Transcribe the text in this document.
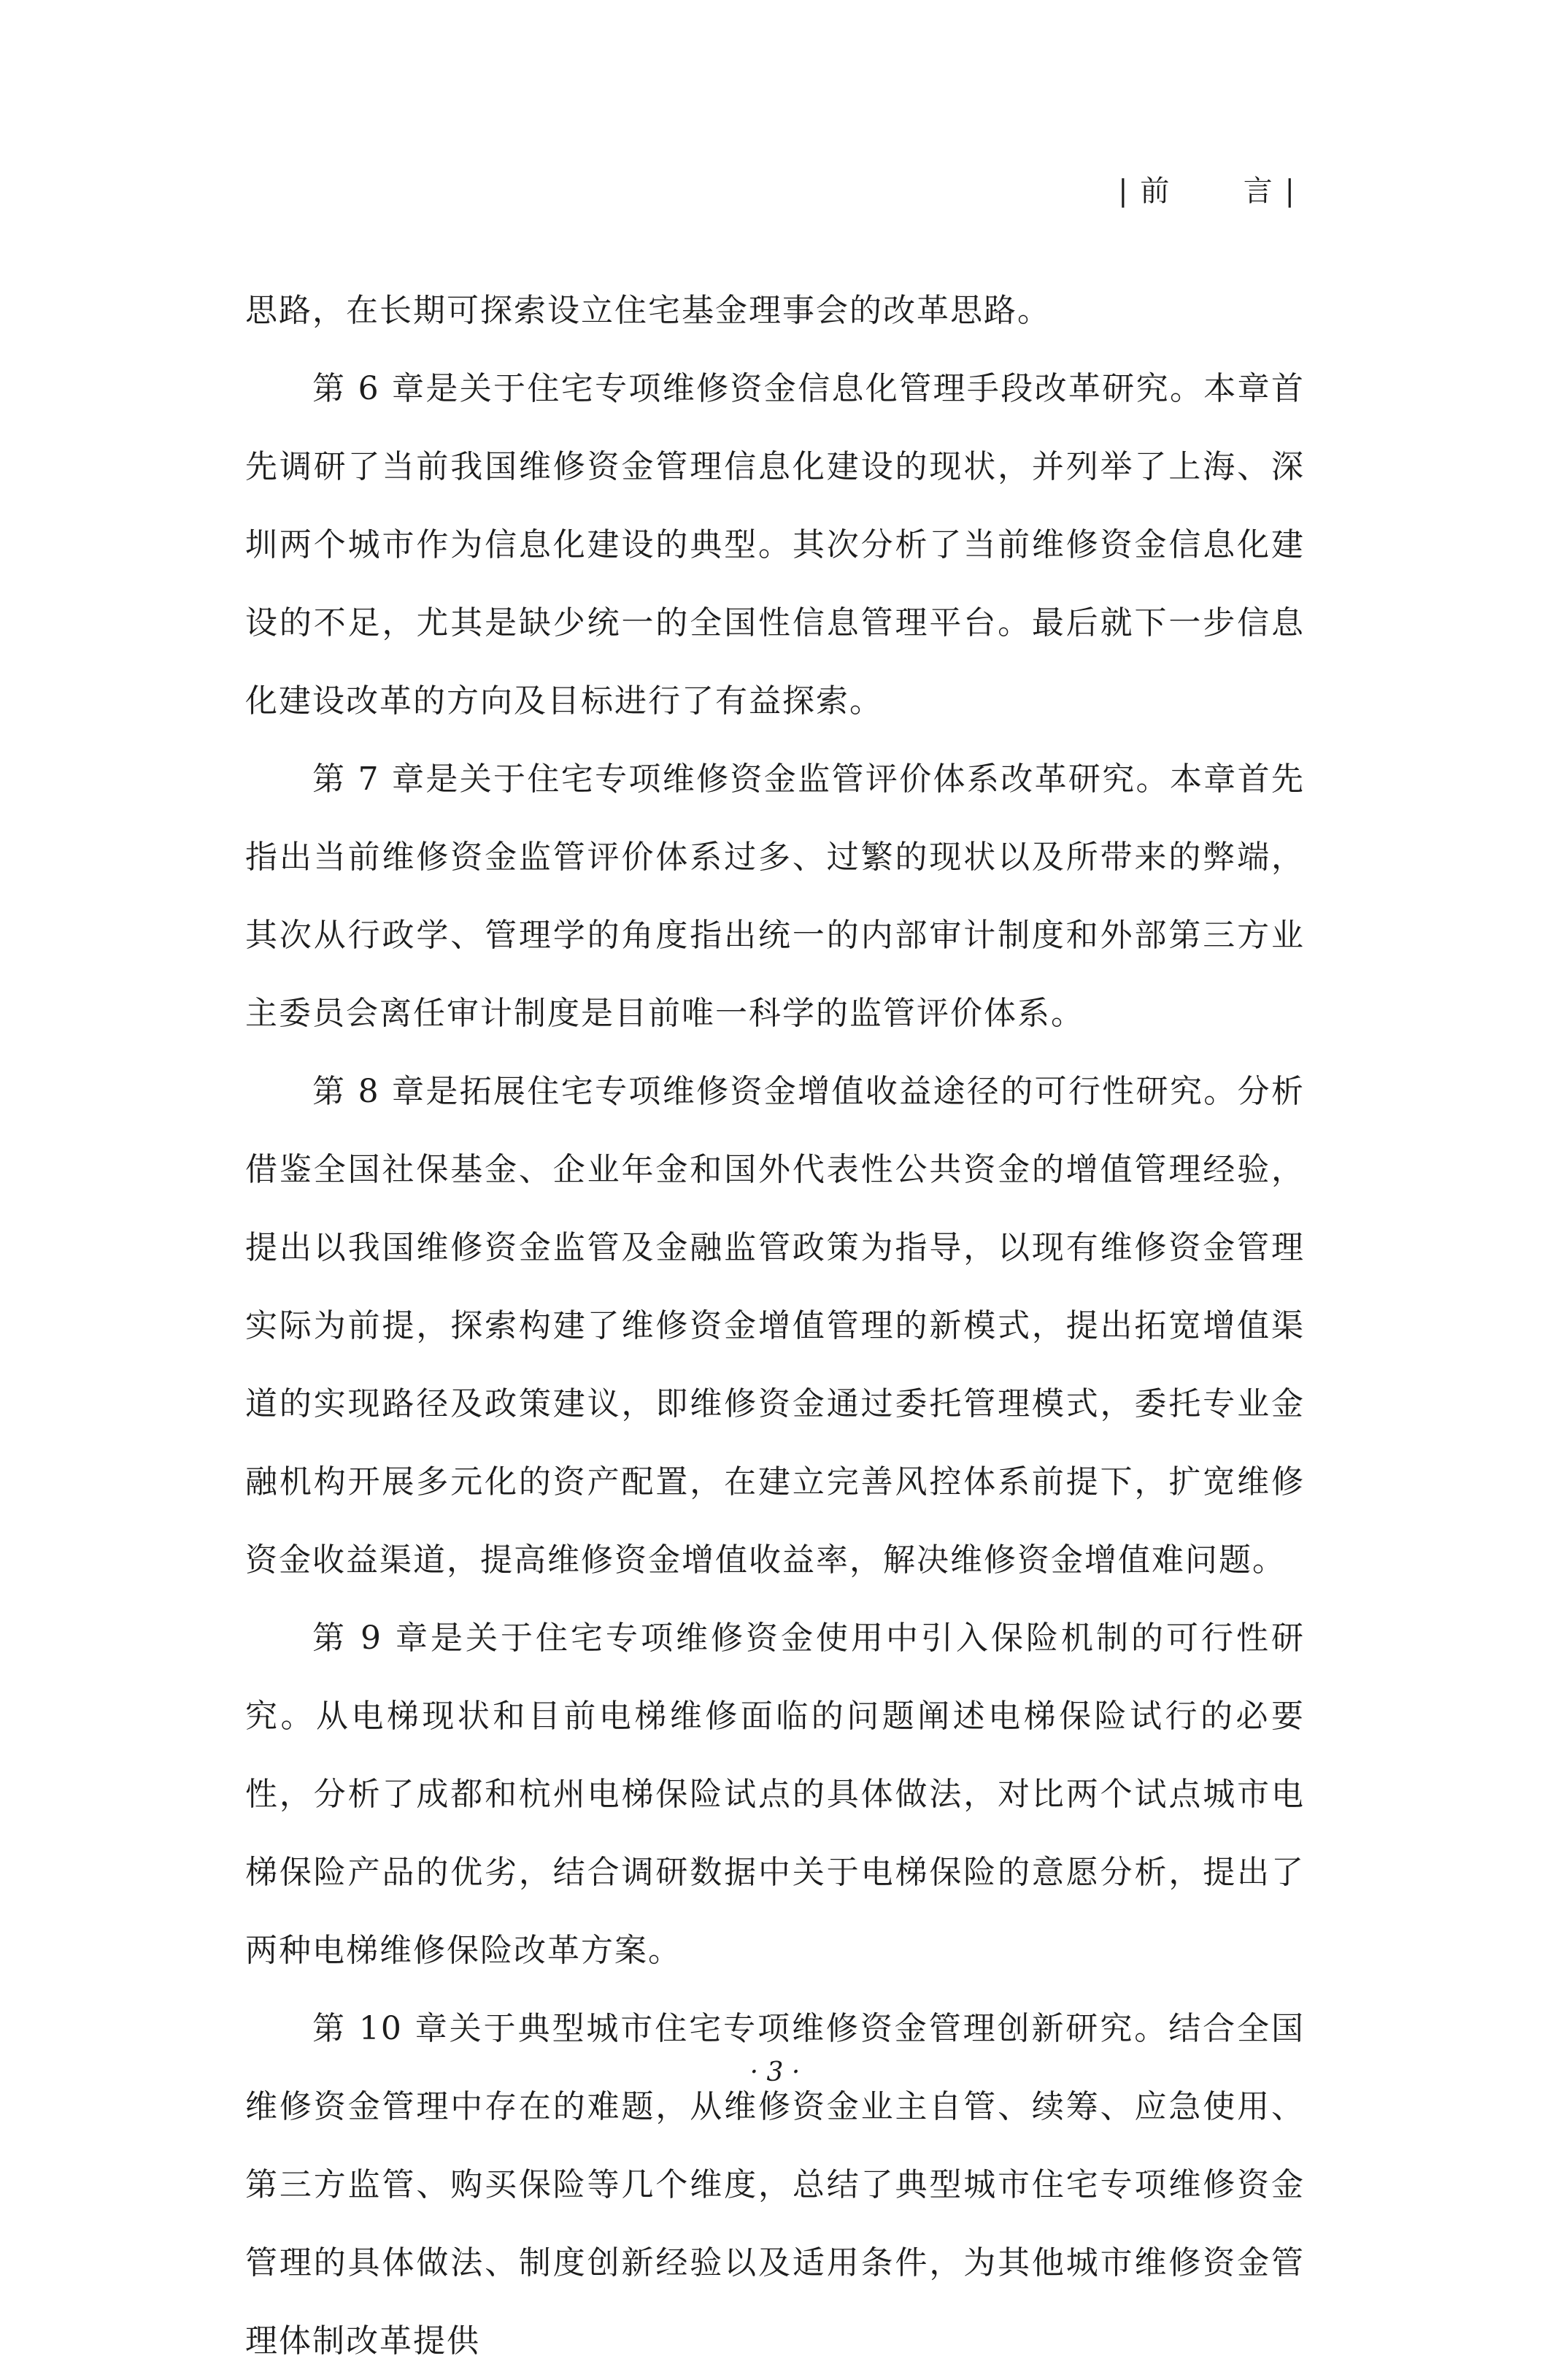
| 前 言 |

思路，在长期可探索设立住宅基金理事会的改革思路。

第 6 章是关于住宅专项维修资金信息化管理手段改革研究。本章首先调研了当前我国维修资金管理信息化建设的现状，并列举了上海、深圳两个城市作为信息化建设的典型。其次分析了当前维修资金信息化建设的不足，尤其是缺少统一的全国性信息管理平台。最后就下一步信息化建设改革的方向及目标进行了有益探索。

第 7 章是关于住宅专项维修资金监管评价体系改革研究。本章首先指出当前维修资金监管评价体系过多、过繁的现状以及所带来的弊端，其次从行政学、管理学的角度指出统一的内部审计制度和外部第三方业主委员会离任审计制度是目前唯一科学的监管评价体系。

第 8 章是拓展住宅专项维修资金增值收益途径的可行性研究。分析借鉴全国社保基金、企业年金和国外代表性公共资金的增值管理经验，提出以我国维修资金监管及金融监管政策为指导，以现有维修资金管理实际为前提，探索构建了维修资金增值管理的新模式，提出拓宽增值渠道的实现路径及政策建议，即维修资金通过委托管理模式，委托专业金融机构开展多元化的资产配置，在建立完善风控体系前提下，扩宽维修资金收益渠道，提高维修资金增值收益率，解决维修资金增值难问题。

第 9 章是关于住宅专项维修资金使用中引入保险机制的可行性研究。从电梯现状和目前电梯维修面临的问题阐述电梯保险试行的必要性，分析了成都和杭州电梯保险试点的具体做法，对比两个试点城市电梯保险产品的优劣，结合调研数据中关于电梯保险的意愿分析，提出了两种电梯维修保险改革方案。

第 10 章关于典型城市住宅专项维修资金管理创新研究。结合全国维修资金管理中存在的难题，从维修资金业主自管、续筹、应急使用、第三方监管、购买保险等几个维度，总结了典型城市住宅专项维修资金管理的具体做法、制度创新经验以及适用条件，为其他城市维修资金管理体制改革提供

· 3 ·
